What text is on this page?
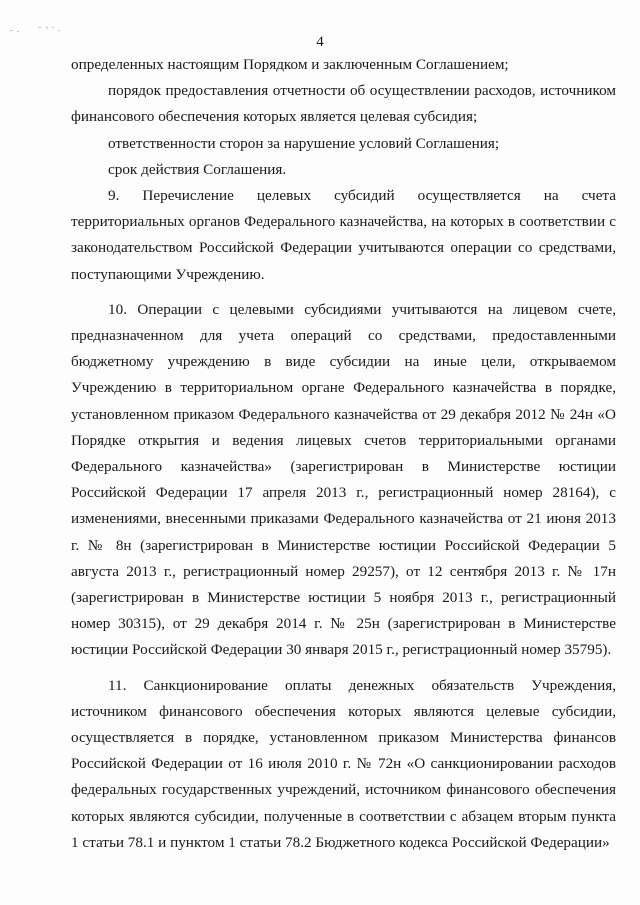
4

определенных настоящим Порядком и заключенным Соглашением;

порядок предоставления отчетности об осуществлении расходов, источником финансового обеспечения которых является целевая субсидия;

ответственности сторон за нарушение условий Соглашения;

срок действия Соглашения.

9. Перечисление целевых субсидий осуществляется на счета территориальных органов Федерального казначейства, на которых в соответствии с законодательством Российской Федерации учитываются операции со средствами, поступающими Учреждению.

10. Операции с целевыми субсидиями учитываются на лицевом счете, предназначенном для учета операций со средствами, предоставленными бюджетному учреждению в виде субсидии на иные цели, открываемом Учреждению в территориальном органе Федерального казначейства в порядке, установленном приказом Федерального казначейства от 29 декабря 2012 № 24н «О Порядке открытия и ведения лицевых счетов территориальными органами Федерального казначейства» (зарегистрирован в Министерстве юстиции Российской Федерации 17 апреля 2013 г., регистрационный номер 28164), с изменениями, внесенными приказами Федерального казначейства от 21 июня 2013 г. № 8н (зарегистрирован в Министерстве юстиции Российской Федерации 5 августа 2013 г., регистрационный номер 29257), от 12 сентября 2013 г. № 17н (зарегистрирован в Министерстве юстиции 5 ноября 2013 г., регистрационный номер 30315), от 29 декабря 2014 г. № 25н (зарегистрирован в Министерстве юстиции Российской Федерации 30 января 2015 г., регистрационный номер 35795).

11. Санкционирование оплаты денежных обязательств Учреждения, источником финансового обеспечения которых являются целевые субсидии, осуществляется в порядке, установленном приказом Министерства финансов Российской Федерации от 16 июля 2010 г. № 72н «О санкционировании расходов федеральных государственных учреждений, источником финансового обеспечения которых являются субсидии, полученные в соответствии с абзацем вторым пункта 1 статьи 78.1 и пунктом 1 статьи 78.2 Бюджетного кодекса Российской Федерации»
